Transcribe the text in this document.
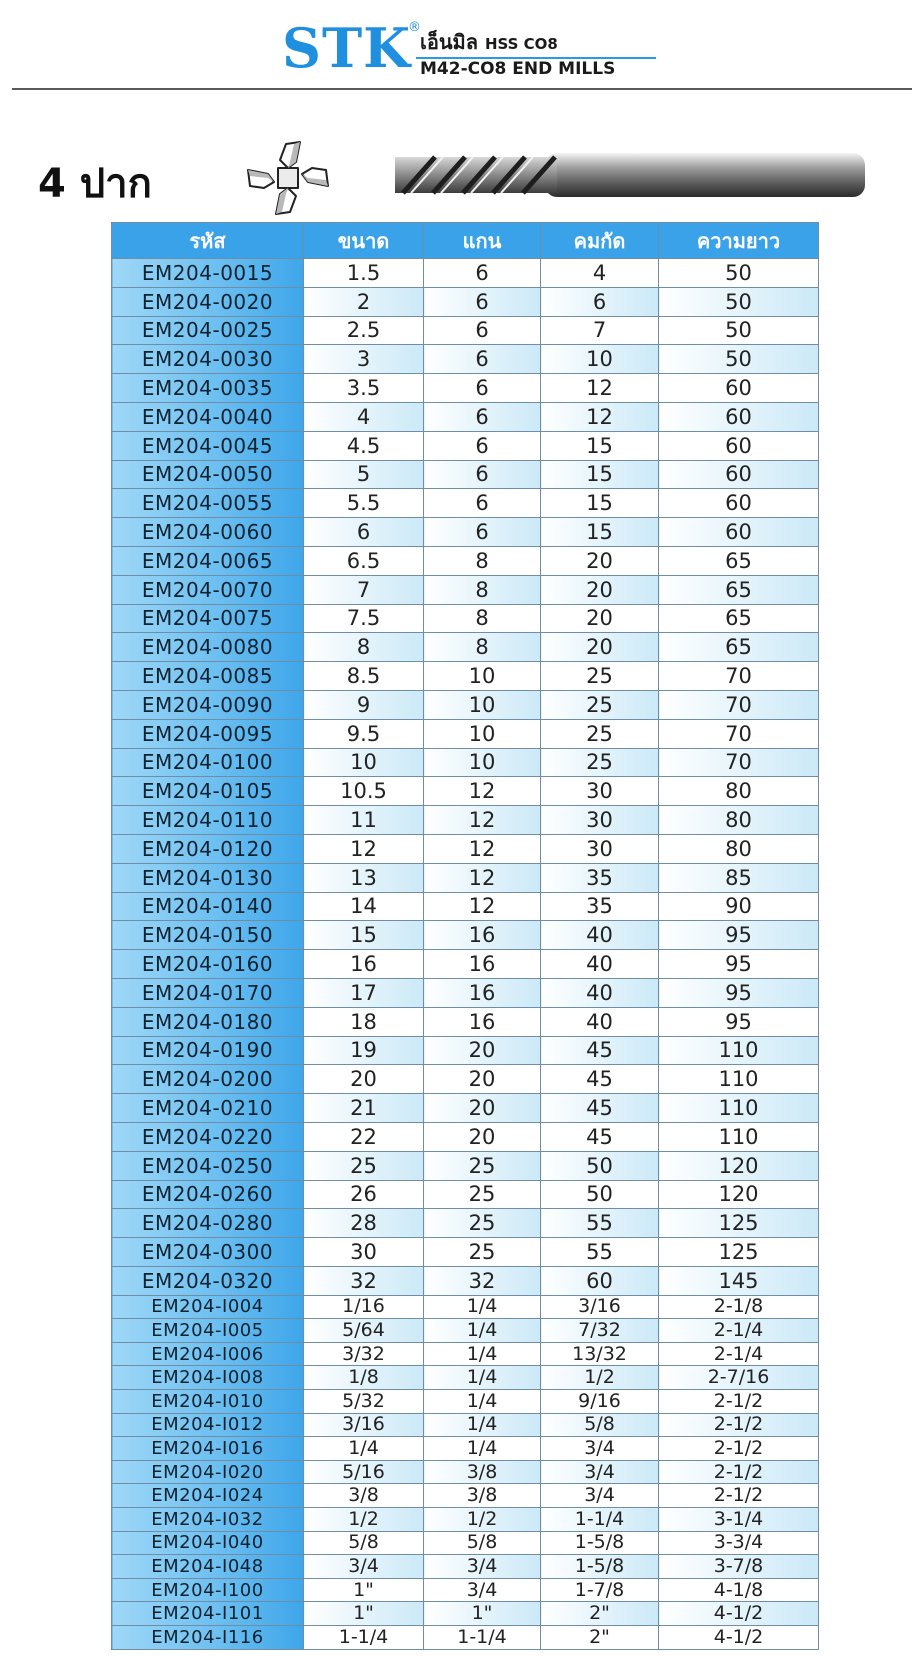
STK
®
เอ็นมิล HSS CO8
M42-CO8 END MILLS
4 ปาก
รหัส	ขนาด	แกน	คมกัด	ความยาว
EM204-0015	1.5	6	4	50
EM204-0020	2	6	6	50
EM204-0025	2.5	6	7	50
EM204-0030	3	6	10	50
EM204-0035	3.5	6	12	60
EM204-0040	4	6	12	60
EM204-0045	4.5	6	15	60
EM204-0050	5	6	15	60
EM204-0055	5.5	6	15	60
EM204-0060	6	6	15	60
EM204-0065	6.5	8	20	65
EM204-0070	7	8	20	65
EM204-0075	7.5	8	20	65
EM204-0080	8	8	20	65
EM204-0085	8.5	10	25	70
EM204-0090	9	10	25	70
EM204-0095	9.5	10	25	70
EM204-0100	10	10	25	70
EM204-0105	10.5	12	30	80
EM204-0110	11	12	30	80
EM204-0120	12	12	30	80
EM204-0130	13	12	35	85
EM204-0140	14	12	35	90
EM204-0150	15	16	40	95
EM204-0160	16	16	40	95
EM204-0170	17	16	40	95
EM204-0180	18	16	40	95
EM204-0190	19	20	45	110
EM204-0200	20	20	45	110
EM204-0210	21	20	45	110
EM204-0220	22	20	45	110
EM204-0250	25	25	50	120
EM204-0260	26	25	50	120
EM204-0280	28	25	55	125
EM204-0300	30	25	55	125
EM204-0320	32	32	60	145
EM204-I004	1/16	1/4	3/16	2-1/8
EM204-I005	5/64	1/4	7/32	2-1/4
EM204-I006	3/32	1/4	13/32	2-1/4
EM204-I008	1/8	1/4	1/2	2-7/16
EM204-I010	5/32	1/4	9/16	2-1/2
EM204-I012	3/16	1/4	5/8	2-1/2
EM204-I016	1/4	1/4	3/4	2-1/2
EM204-I020	5/16	3/8	3/4	2-1/2
EM204-I024	3/8	3/8	3/4	2-1/2
EM204-I032	1/2	1/2	1-1/4	3-1/4
EM204-I040	5/8	5/8	1-5/8	3-3/4
EM204-I048	3/4	3/4	1-5/8	3-7/8
EM204-I100	1"	3/4	1-7/8	4-1/8
EM204-I101	1"	1"	2"	4-1/2
EM204-I116	1-1/4	1-1/4	2"	4-1/2
